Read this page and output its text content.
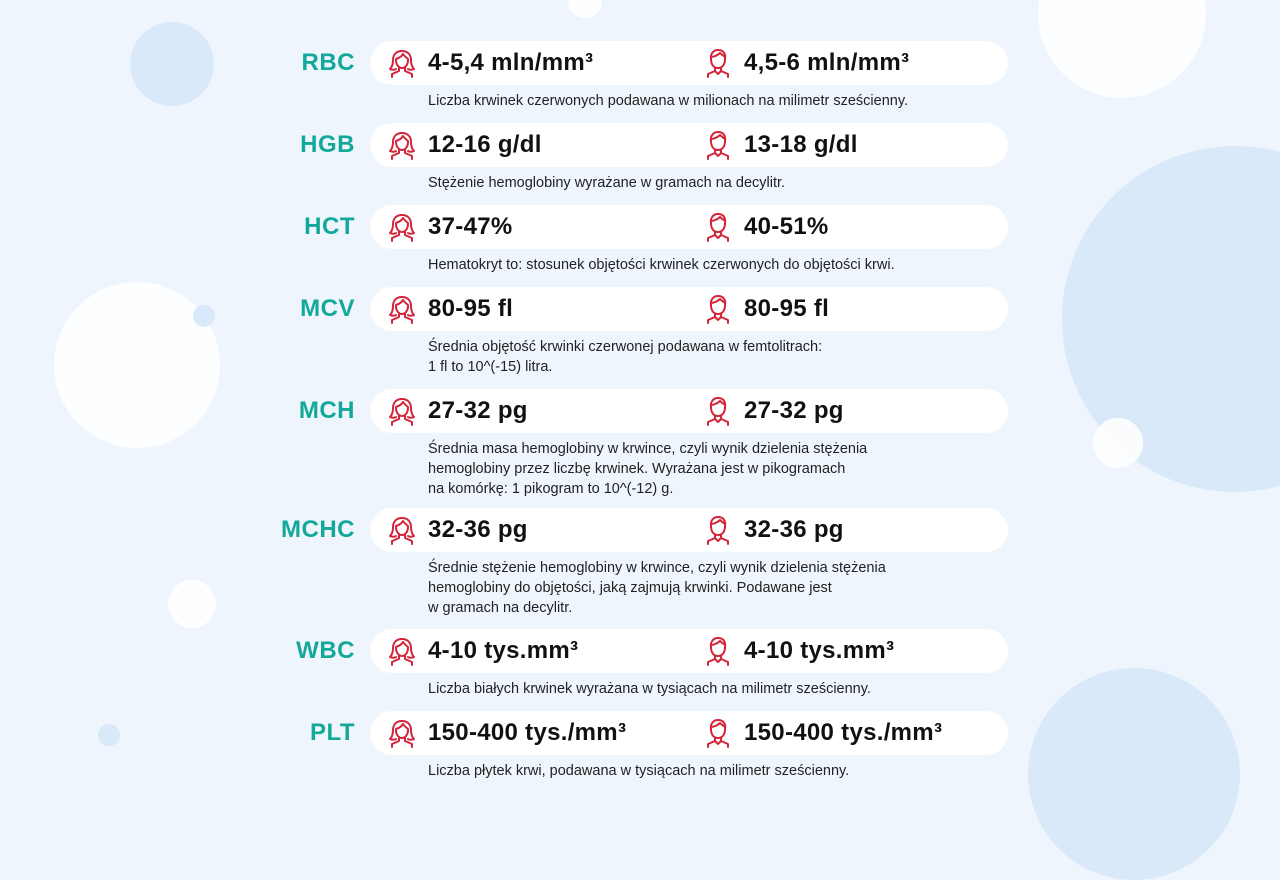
RBC	4-5,4 mln/mm³	4,5-6 mln/mm³
Liczba krwinek czerwonych podawana w milionach na milimetr sześcienny.
HGB	12-16 g/dl	13-18 g/dl
Stężenie hemoglobiny wyrażane w gramach na decylitr.
HCT	37-47%	40-51%
Hematokryt to: stosunek objętości krwinek czerwonych do objętości krwi.
MCV	80-95 fl	80-95 fl
Średnia objętość krwinki czerwonej podawana w femtolitrach:
1 fl to 10^(-15) litra.
MCH	27-32 pg	27-32 pg
Średnia masa hemoglobiny w krwince, czyli wynik dzielenia stężenia
hemoglobiny przez liczbę krwinek. Wyrażana jest w pikogramach
na komórkę: 1 pikogram to 10^(-12) g.
MCHC	32-36 pg	32-36 pg
Średnie stężenie hemoglobiny w krwince, czyli wynik dzielenia stężenia
hemoglobiny do objętości, jaką zajmują krwinki. Podawane jest
w gramach na decylitr.
WBC	4-10 tys.mm³	4-10 tys.mm³
Liczba białych krwinek wyrażana w tysiącach na milimetr sześcienny.
PLT	150-400 tys./mm³	150-400 tys./mm³
Liczba płytek krwi, podawana w tysiącach na milimetr sześcienny.
